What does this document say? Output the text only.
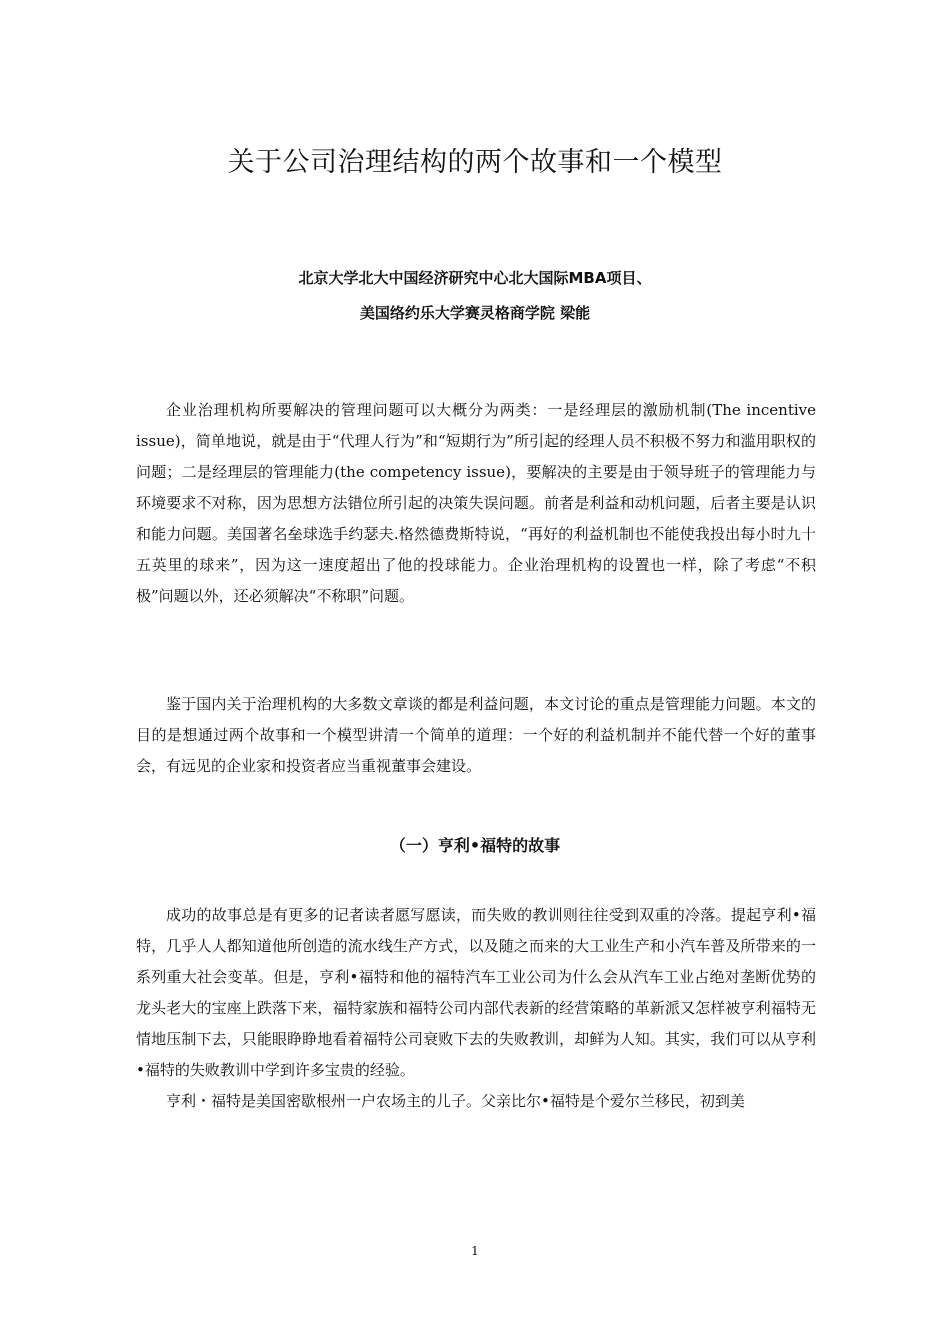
关于公司治理结构的两个故事和一个模型
北京大学北大中国经济研究中心北大国际MBA项目、
美国络约乐大学赛灵格商学院 梁能

企业治理机构所要解决的管理问题可以大概分为两类：一是经理层的激励机制(The incentive issue)，简单地说，就是由于“代理人行为”和“短期行为”所引起的经理人员不积极不努力和滥用职权的问题；二是经理层的管理能力(the competency issue)，要解决的主要是由于领导班子的管理能力与环境要求不对称，因为思想方法错位所引起的决策失误问题。前者是利益和动机问题，后者主要是认识和能力问题。美国著名垒球选手约瑟夫.格然德费斯特说，“再好的利益机制也不能使我投出每小时九十五英里的球来”，因为这一速度超出了他的投球能力。企业治理机构的设置也一样，除了考虑“不积极”问题以外，还必须解决“不称职”问题。

鉴于国内关于治理机构的大多数文章谈的都是利益问题，本文讨论的重点是管理能力问题。本文的目的是想通过两个故事和一个模型讲清一个简单的道理：一个好的利益机制并不能代替一个好的董事会，有远见的企业家和投资者应当重视董事会建设。

（一）亨利•福特的故事

成功的故事总是有更多的记者读者愿写愿读，而失败的教训则往往受到双重的冷落。提起亨利•福特，几乎人人都知道他所创造的流水线生产方式，以及随之而来的大工业生产和小汽车普及所带来的一系列重大社会变革。但是，亨利•福特和他的福特汽车工业公司为什么会从汽车工业占绝对垄断优势的龙头老大的宝座上跌落下来，福特家族和福特公司内部代表新的经营策略的革新派又怎样被亨利福特无情地压制下去，只能眼睁睁地看着福特公司衰败下去的失败教训，却鲜为人知。其实，我们可以从亨利•福特的失败教训中学到许多宝贵的经验。

亨利・福特是美国密歇根州一户农场主的儿子。父亲比尔•福特是个爱尔兰移民，初到美

1
